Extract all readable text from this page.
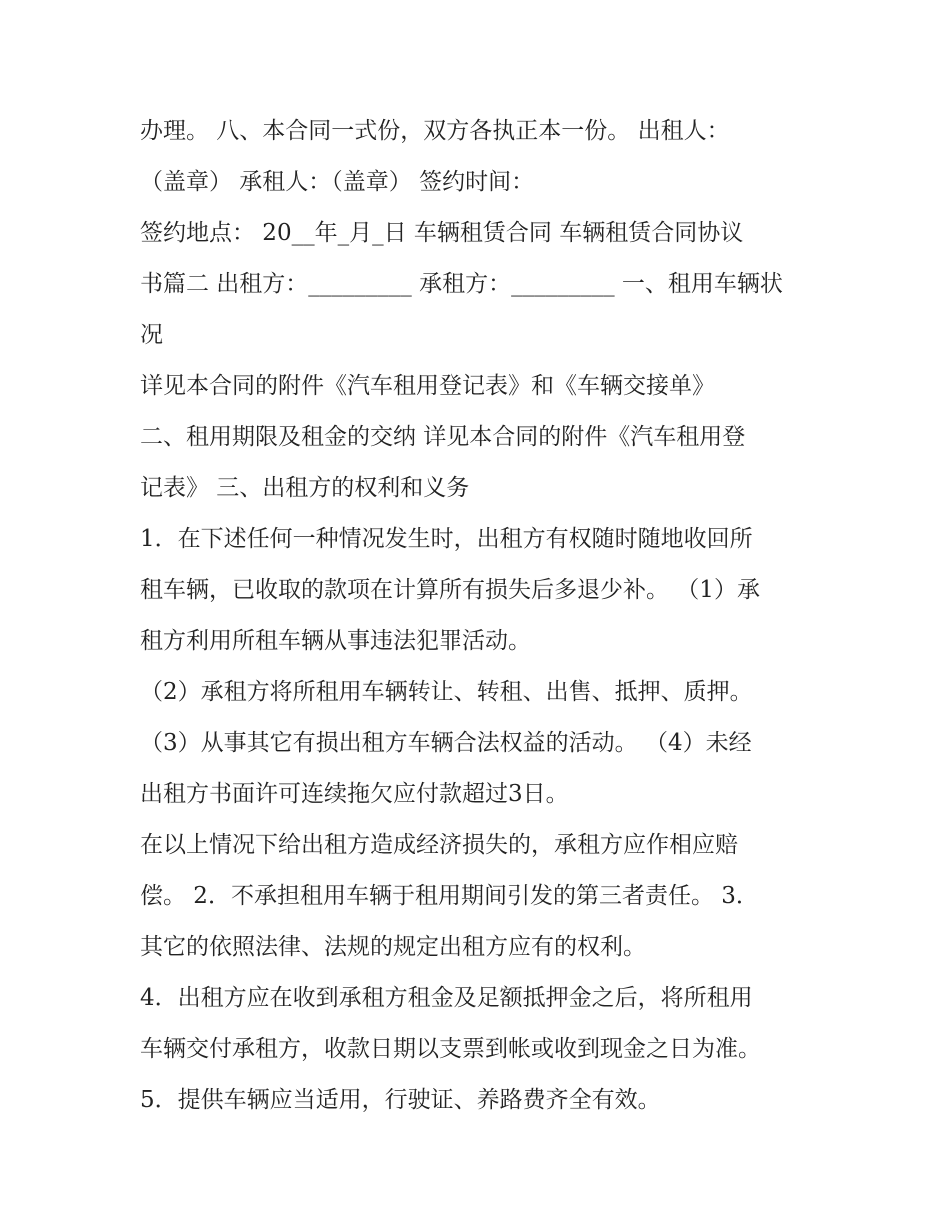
办理。 八、本合同一式份，双方各执正本一份。 出租人：
（盖章） 承租人：（盖章） 签约时间：
签约地点： 20__年_月_日 车辆租赁合同 车辆租赁合同协议
书篇二 出租方：_________ 承租方：_________ 一、租用车辆状
况
详见本合同的附件《汽车租用登记表》和《车辆交接单》
二、租用期限及租金的交纳 详见本合同的附件《汽车租用登
记表》 三、出租方的权利和义务
1．在下述任何一种情况发生时，出租方有权随时随地收回所
租车辆，已收取的款项在计算所有损失后多退少补。 （1）承
租方利用所租车辆从事违法犯罪活动。
（2）承租方将所租用车辆转让、转租、出售、抵押、质押。
（3）从事其它有损出租方车辆合法权益的活动。 （4）未经
出租方书面许可连续拖欠应付款超过3日。
在以上情况下给出租方造成经济损失的，承租方应作相应赔
偿。 2．不承担租用车辆于租用期间引发的第三者责任。 3．
其它的依照法律、法规的规定出租方应有的权利。
4．出租方应在收到承租方租金及足额抵押金之后，将所租用
车辆交付承租方，收款日期以支票到帐或收到现金之日为准。
5．提供车辆应当适用，行驶证、养路费齐全有效。
